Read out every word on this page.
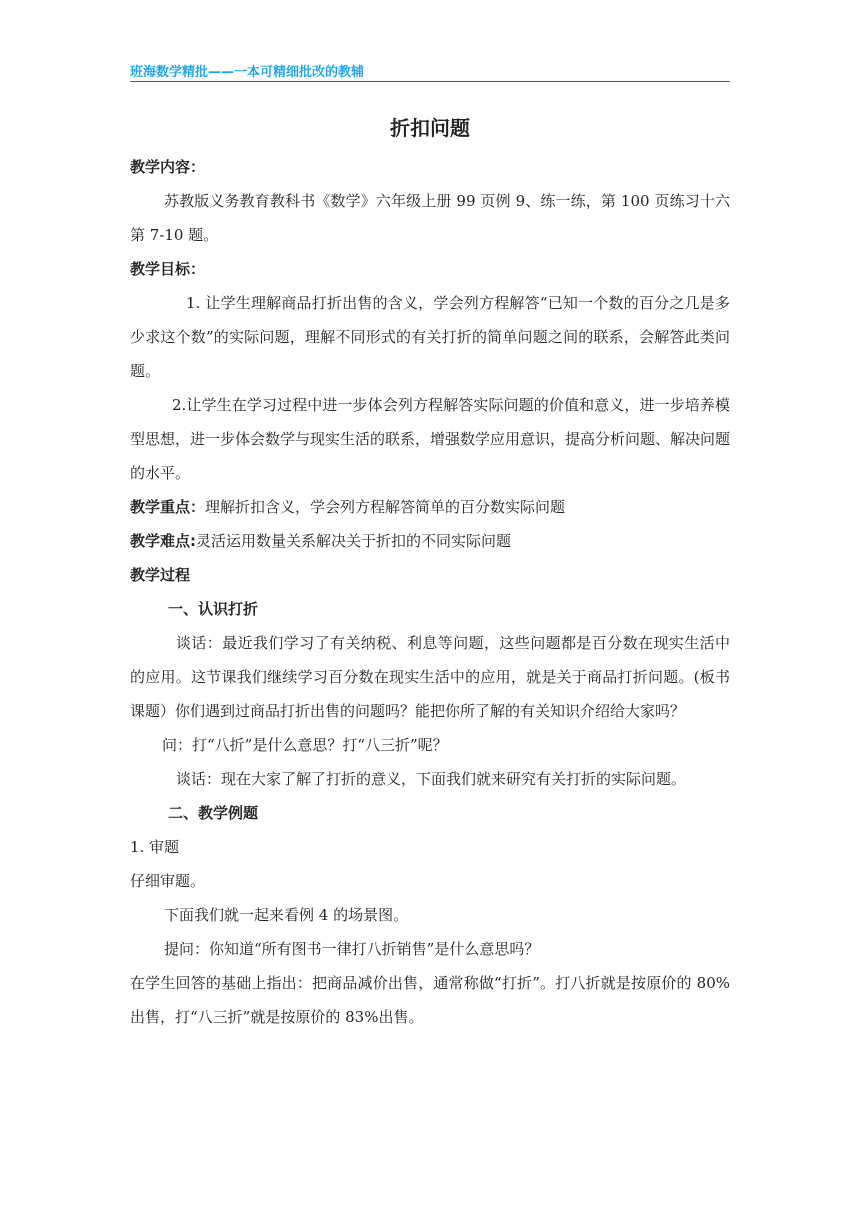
班海数学精批——一本可精细批改的教辅
折扣问题

教学内容：

苏教版义务教育教科书《数学》六年级上册 99 页例 9、练一练，第 100 页练习十六第 7-10 题。

教学目标：

1. 让学生理解商品打折出售的含义，学会列方程解答“已知一个数的百分之几是多少求这个数”的实际问题，理解不同形式的有关打折的简单问题之间的联系，会解答此类问题。

2.让学生在学习过程中进一步体会列方程解答实际问题的价值和意义，进一步培养模型思想，进一步体会数学与现实生活的联系，增强数学应用意识，提高分析问题、解决问题的水平。

教学重点：理解折扣含义，学会列方程解答简单的百分数实际问题

教学难点:灵活运用数量关系解决关于折扣的不同实际问题

教学过程

一、认识打折

谈话：最近我们学习了有关纳税、利息等问题，这些问题都是百分数在现实生活中的应用。这节课我们继续学习百分数在现实生活中的应用，就是关于商品打折问题。(板书课题）你们遇到过商品打折出售的问题吗？能把你所了解的有关知识介绍给大家吗？

问：打“八折”是什么意思？打“八三折”呢？

谈话：现在大家了解了打折的意义，下面我们就来研究有关打折的实际问题。

二、教学例题

1. 审题

仔细审题。

下面我们就一起来看例 4 的场景图。

提问：你知道“所有图书一律打八折销售”是什么意思吗？

在学生回答的基础上指出：把商品减价出售，通常称做“打折”。打八折就是按原价的 80%出售，打“八三折”就是按原价的 83%出售。
